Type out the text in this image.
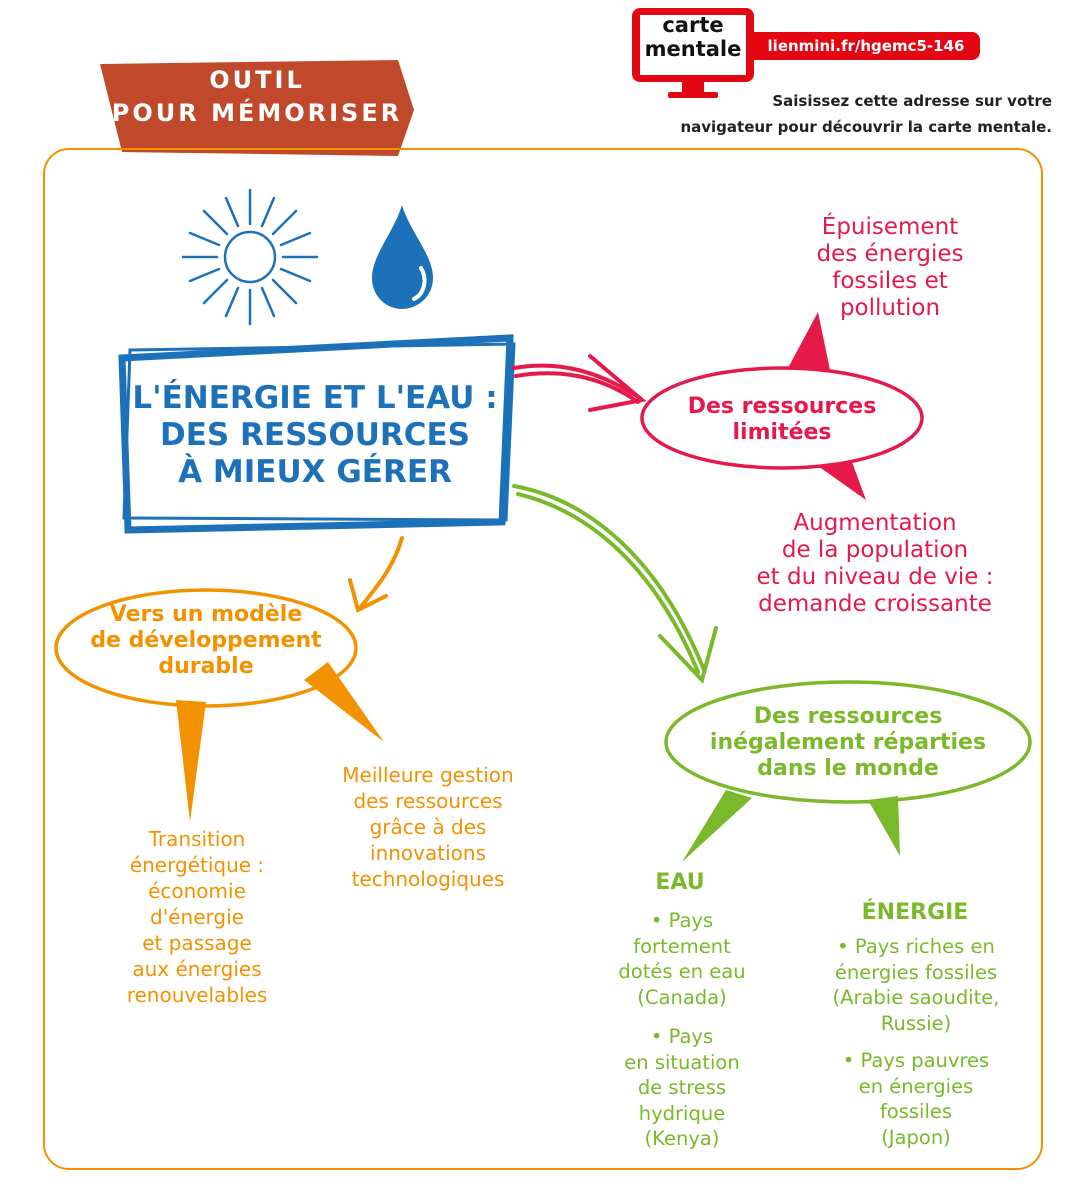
OUTIL
POUR MÉMORISER
carte
mentale	lienmini.fr/hgemc5-146
Saisissez cette adresse sur votre
navigateur pour découvrir la carte mentale.
L'ÉNERGIE ET L'EAU :
DES RESSOURCES
À MIEUX GÉRER
Des ressources
limitées
Épuisement
des énergies
fossiles et
pollution
Augmentation
de la population
et du niveau de vie :
demande croissante
Vers un modèle
de développement
durable
Transition
énergétique :
économie
d'énergie
et passage
aux énergies
renouvelables
Meilleure gestion
des ressources
grâce à des
innovations
technologiques
Des ressources
inégalement réparties
dans le monde
EAU
• Pays
fortement
dotés en eau
(Canada)
• Pays
en situation
de stress
hydrique
(Kenya)
ÉNERGIE
• Pays riches en
énergies fossiles
(Arabie saoudite,
Russie)
• Pays pauvres
en énergies
fossiles
(Japon)
